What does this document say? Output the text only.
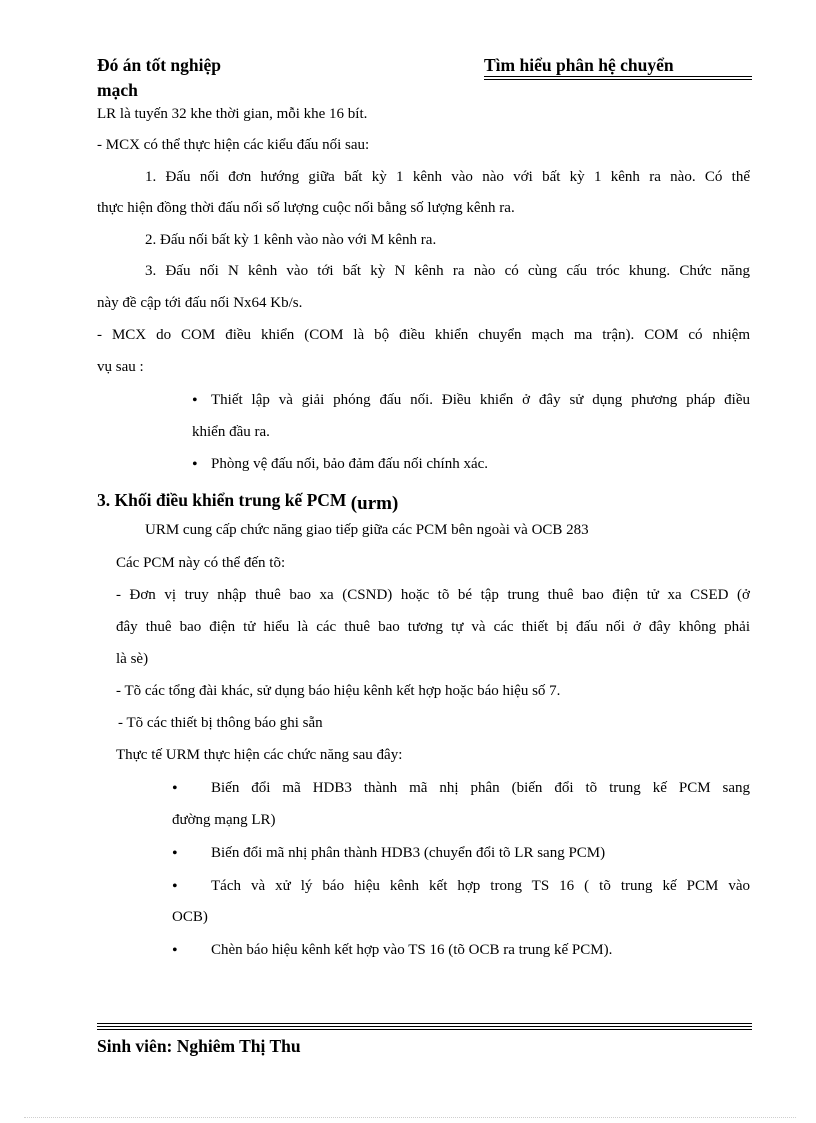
Đó án tốt nghiệp	Tìm hiểu phân hệ chuyển
mạch
LR là tuyến 32 khe thời gian, mỗi khe 16 bít.
- MCX có thể thực hiện các kiểu đấu nối sau:
1. Đấu nối đơn hướng giữa bất kỳ 1 kênh vào nào với bất kỳ 1 kênh ra nào. Có thể
thực hiện đồng thời đấu nối số lượng cuộc nối bằng số lượng kênh ra.
2. Đấu nối bất kỳ 1 kênh vào nào với M kênh ra.
3. Đấu nối N kênh vào tới bất kỳ N kênh ra nào có cùng cấu tróc khung. Chức năng
này đề cập tới đấu nối Nx64 Kb/s.
- MCX do COM điều khiển (COM là bộ điều khiển chuyển mạch ma trận). COM có nhiệm
vụ sau :
• Thiết lập và giải phóng đấu nối. Điều khiển ở đây sử dụng phương pháp điều
khiển đầu ra.
• Phòng vệ đấu nối, bảo đảm đấu nối chính xác.
3. Khối điều khiển trung kế PCM (urm)
URM cung cấp chức năng giao tiếp giữa các PCM bên ngoài và OCB 283
Các PCM này có thể đến tõ:
- Đơn vị truy nhập thuê bao xa (CSND) hoặc tõ bé tập trung thuê bao điện tử xa CSED (ở
đây thuê bao điện tử hiểu là các thuê bao tương tự và các thiết bị đấu nối ở đây không phải
là sè)
- Tõ các tổng đài khác, sử dụng báo hiệu kênh kết hợp hoặc báo hiệu số 7.
- Tõ các thiết bị thông báo ghi sẵn
Thực tế URM thực hiện các chức năng sau đây:
• Biến đổi mã HDB3 thành mã nhị phân (biến đổi tõ trung kế PCM sang
đường mạng LR)
• Biến đổi mã nhị phân thành HDB3 (chuyển đổi tõ LR sang PCM)
• Tách và xử lý báo hiệu kênh kết hợp trong TS 16 ( tõ trung kế PCM vào
OCB)
• Chèn báo hiệu kênh kết hợp vào TS 16 (tõ OCB ra trung kế PCM).
Sinh viên: Nghiêm Thị Thu
